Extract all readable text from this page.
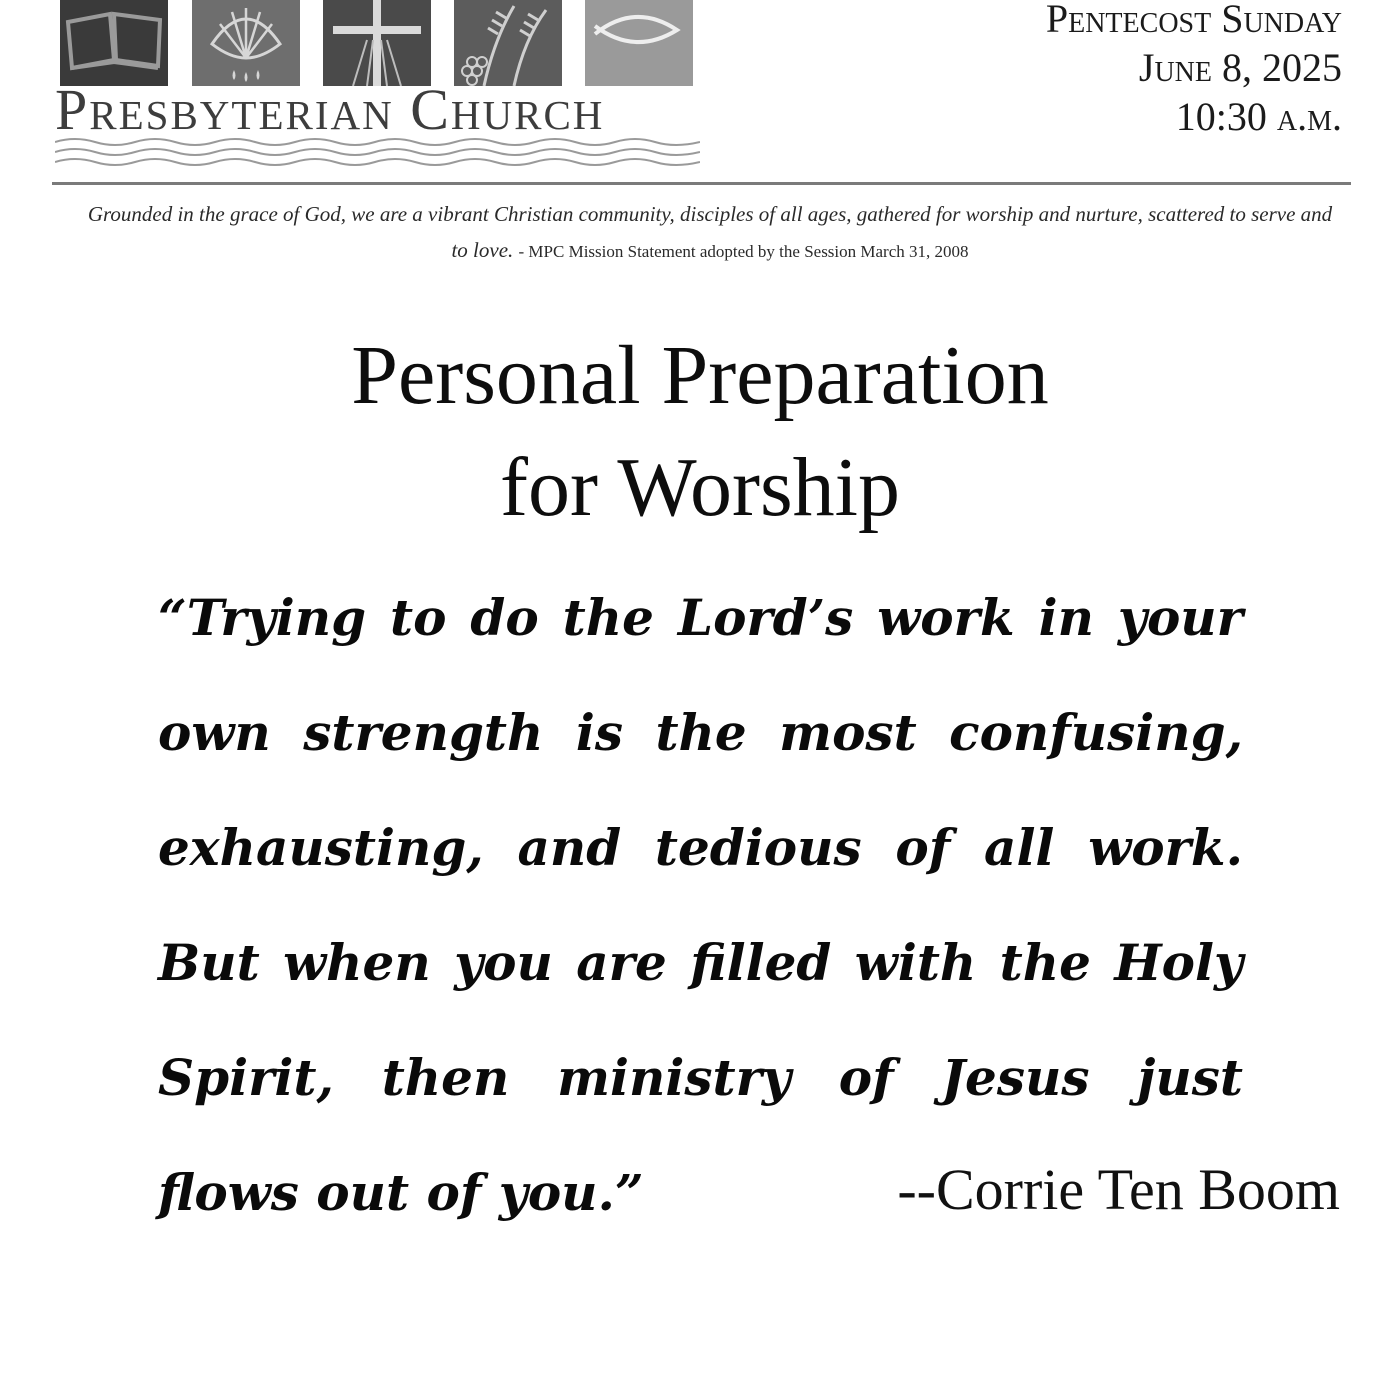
Presbyterian Church
Pentecost Sunday
June 8, 2025
10:30 a.m.
Grounded in the grace of God, we are a vibrant Christian community, disciples of all ages, gathered for worship and nurture, scattered to serve and to love. - MPC Mission Statement adopted by the Session March 31, 2008
Personal Preparation
for Worship
“Trying to do the Lord’s work in your own strength is the most confusing, exhausting, and tedious of all work. But when you are filled with the Holy Spirit, then ministry of Jesus just flows out of you.”	--Corrie Ten Boom
